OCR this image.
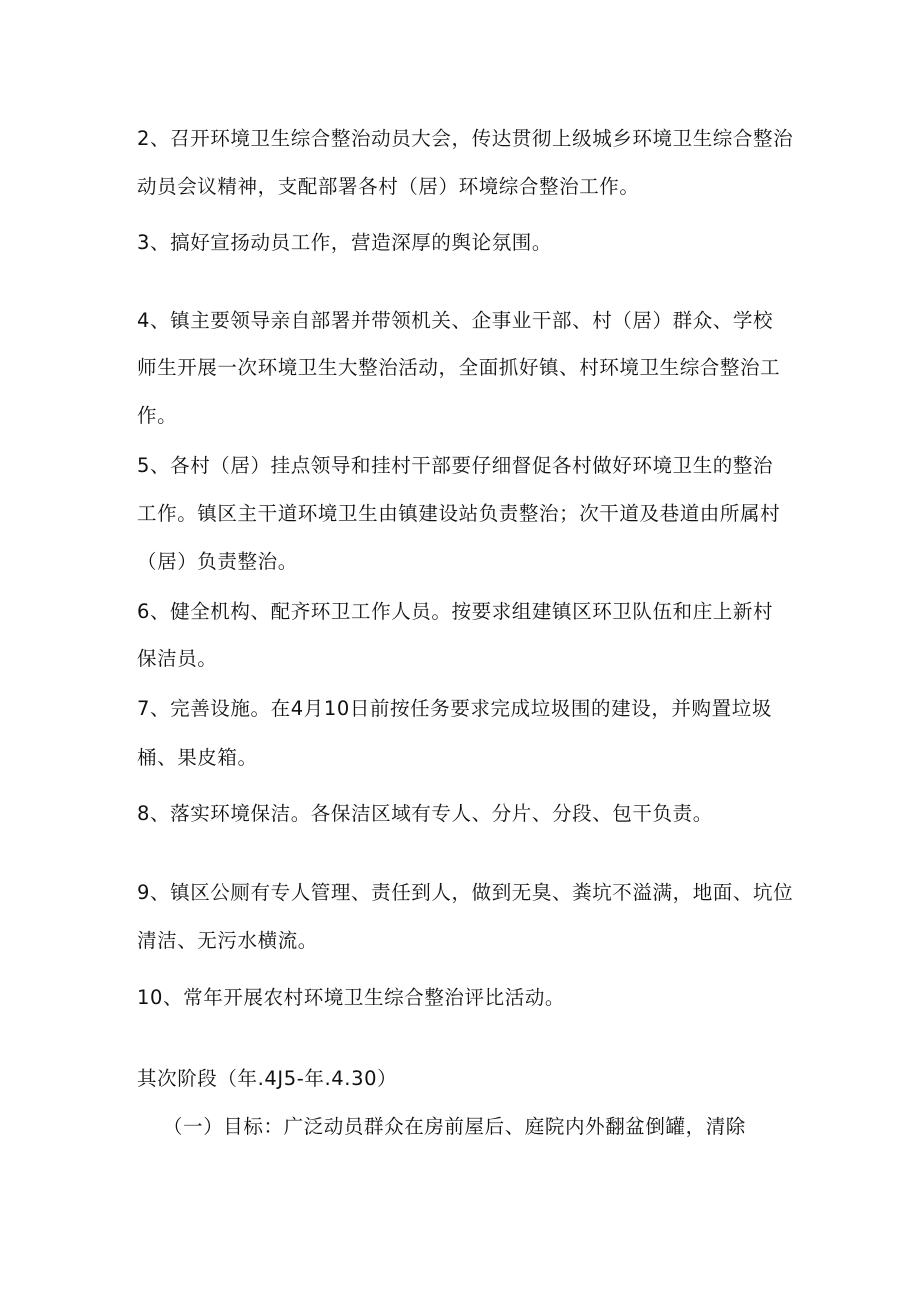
2、召开环境卫生综合整治动员大会，传达贯彻上级城乡环境卫生综合整治
动员会议精神，支配部署各村（居）环境综合整治工作。
3、搞好宣扬动员工作，营造深厚的舆论氛围。
4、镇主要领导亲自部署并带领机关、企事业干部、村（居）群众、学校
师生开展一次环境卫生大整治活动，全面抓好镇、村环境卫生综合整治工
作。
5、各村（居）挂点领导和挂村干部要仔细督促各村做好环境卫生的整治
工作。镇区主干道环境卫生由镇建设站负责整治；次干道及巷道由所属村
（居）负责整治。
6、健全机构、配齐环卫工作人员。按要求组建镇区环卫队伍和庄上新村
保洁员。
7、完善设施。在4月10日前按任务要求完成垃圾围的建设，并购置垃圾
桶、果皮箱。
8、落实环境保洁。各保洁区域有专人、分片、分段、包干负责。
9、镇区公厕有专人管理、责任到人，做到无臭、粪坑不溢满，地面、坑位
清洁、无污水横流。
10、常年开展农村环境卫生综合整治评比活动。
其次阶段（年.4J5-年.4.30）
（一）目标：广泛动员群众在房前屋后、庭院内外翻盆倒罐，清除
